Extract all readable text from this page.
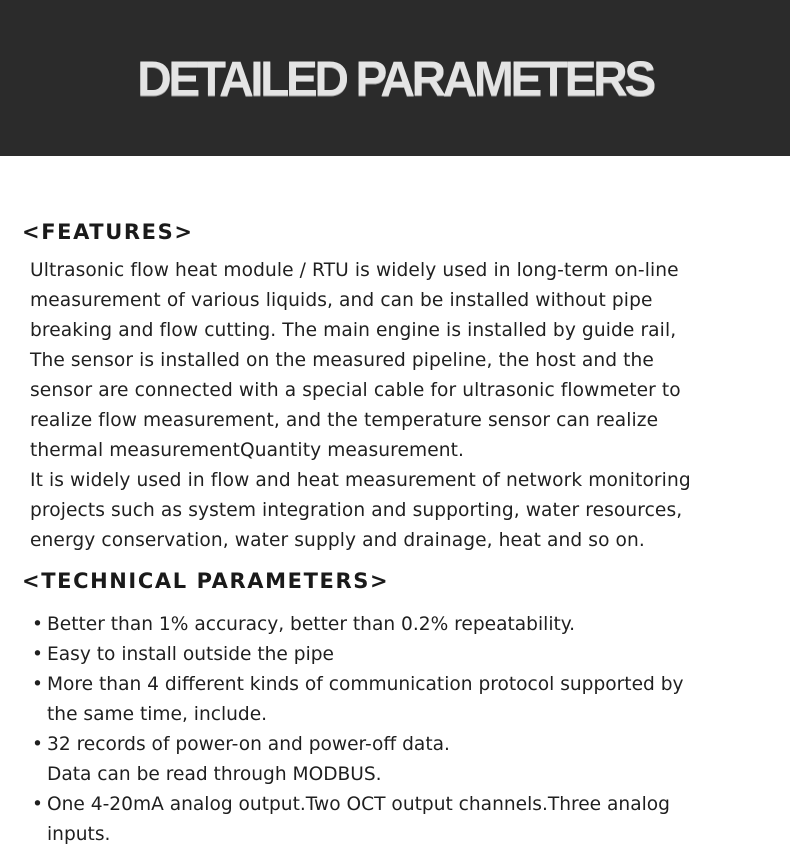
DETAILED PARAMETERS
<FEATURES>
Ultrasonic flow heat module / RTU is widely used in long-term on-line
measurement of various liquids, and can be installed without pipe
breaking and flow cutting. The main engine is installed by guide rail,
The sensor is installed on the measured pipeline, the host and the
sensor are connected with a special cable for ultrasonic flowmeter to
realize flow measurement, and the temperature sensor can realize
thermal measurementQuantity measurement.
It is widely used in flow and heat measurement of network monitoring
projects such as system integration and supporting, water resources,
energy conservation, water supply and drainage, heat and so on.
<TECHNICAL PARAMETERS>
• Better than 1% accuracy, better than 0.2% repeatability.
• Easy to install outside the pipe
• More than 4 different kinds of communication protocol supported by
the same time, include.
• 32 records of power-on and power-off data.
Data can be read through MODBUS.
• One 4-20mA analog output.Two OCT output channels.Three analog
inputs.
